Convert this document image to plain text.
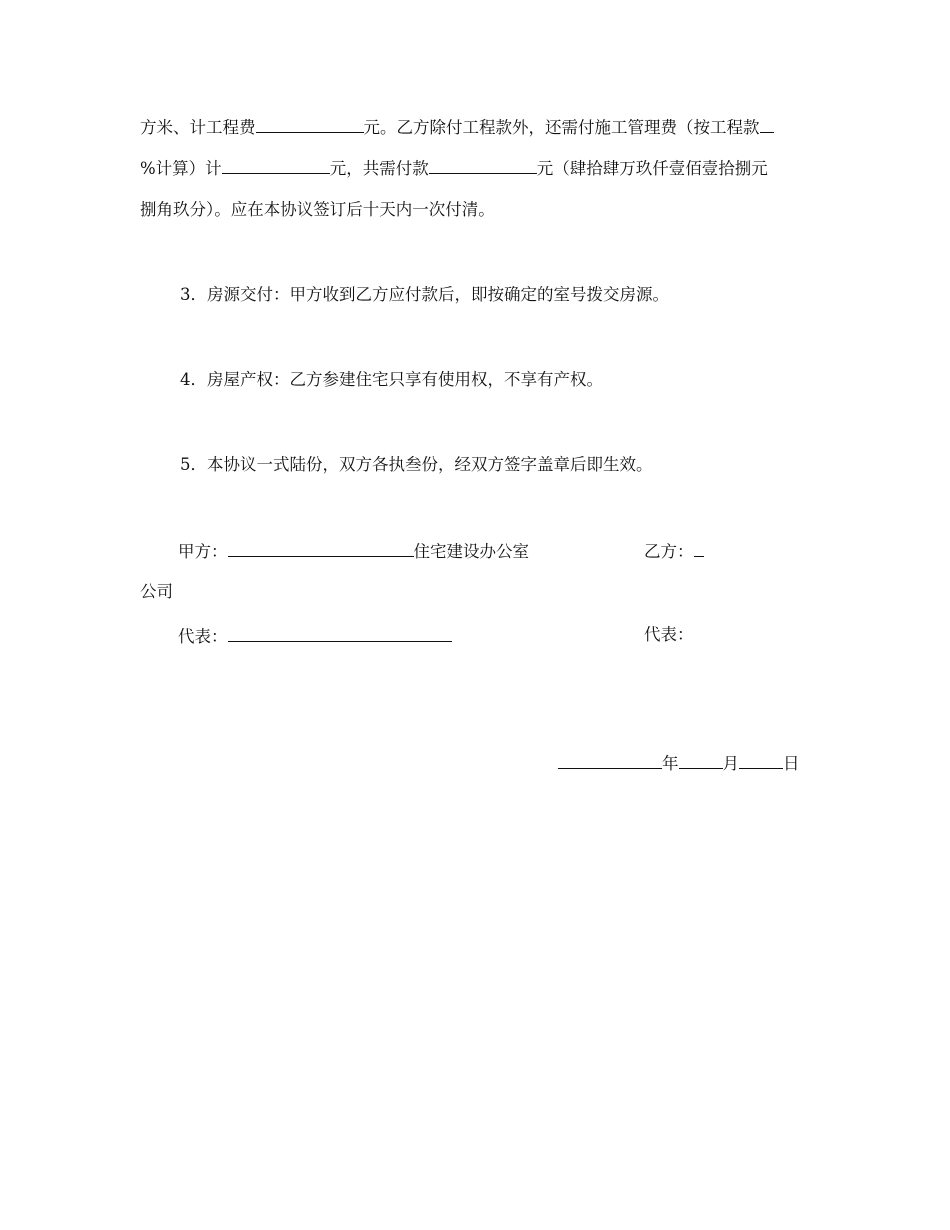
方米、计工程费	元。乙方除付工程款外，还需付施工管理费（按工程款
%计算）计	元，共需付款	元（肆拾肆万玖仟壹佰壹拾捌元
捌角玖分）。应在本协议签订后十天内一次付清。
3．房源交付：甲方收到乙方应付款后，即按确定的室号拨交房源。
4．房屋产权：乙方参建住宅只享有使用权，不享有产权。
5．本协议一式陆份，双方各执叁份，经双方签字盖章后即生效。
甲方：	住宅建设办公室	乙方：
公司
代表：	代表：
年	月	日
